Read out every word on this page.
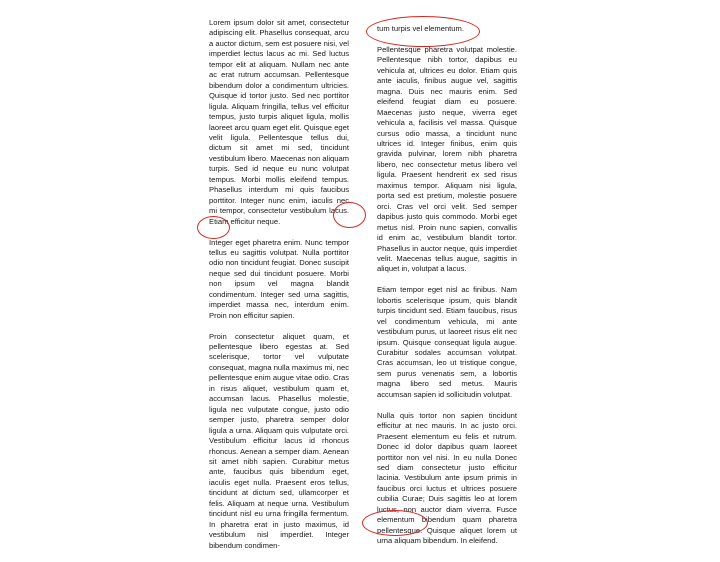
Lorem ipsum dolor sit amet, consectetur adipiscing elit. Phasellus consequat, arcu a auctor dictum, sem est posuere nisi, vel imperdiet lectus lacus ac mi. Sed luctus tempor elit at aliquam. Nullam nec ante ac erat rutrum accumsan. Pellentesque bibendum dolor a condimentum ultricies. Quisque id tortor justo. Sed nec porttitor ligula. Aliquam fringilla, tellus vel efficitur tempus, justo turpis aliquet ligula, mollis laoreet arcu quam eget elit. Quisque eget velit ligula. Pellentesque tellus dui, dictum sit amet mi sed, tincidunt vestibulum libero. Maecenas non aliquam turpis. Sed id neque eu nunc volutpat tempus. Morbi mollis eleifend tempus. Phasellus interdum mi quis faucibus porttitor. Integer nunc enim, iaculis nec mi tempor, consectetur vestibulum lacus. Etiam efficitur neque.

Integer eget pharetra enim. Nunc tempor tellus eu sagittis volutpat. Nulla porttitor odio non tincidunt feugiat. Donec suscipit neque sed dui tincidunt posuere. Morbi non ipsum vel magna blandit condimentum. Integer sed urna sagittis, imperdiet massa nec, interdum enim. Proin non efficitur sapien.

Proin consectetur aliquet quam, et pellentesque libero egestas at. Sed scelerisque, tortor vel vulputate consequat, magna nulla maximus mi, nec pellentesque enim augue vitae odio. Cras in risus aliquet, vestibulum quam et, accumsan lacus. Phasellus molestie, ligula nec vulputate congue, justo odio semper justo, pharetra semper dolor ligula a urna. Aliquam quis vulputate orci. Vestibulum efficitur lacus id rhoncus rhoncus. Aenean a semper diam. Aenean sit amet nibh sapien. Curabitur metus ante, faucibus quis bibendum eget, iaculis eget nulla. Praesent eros tellus, tincidunt at dictum sed, ullamcorper et felis. Aliquam at neque urna. Vestibulum tincidunt nisl eu urna fringilla fermentum. In pharetra erat in justo maximus, id vestibulum nisl imperdiet. Integer bibendum condimen-

tum turpis vel elementum.

Pellentesque pharetra volutpat molestie. Pellentesque nibh tortor, dapibus eu vehicula at, ultrices eu dolor. Etiam quis ante iaculis, finibus augue vel, sagittis magna. Duis nec mauris enim. Sed eleifend feugiat diam eu posuere. Maecenas justo neque, viverra eget vehicula a, facilisis vel massa. Quisque cursus odio massa, a tincidunt nunc ultrices id. Integer finibus, enim quis gravida pulvinar, lorem nibh pharetra libero, nec consectetur metus libero vel ligula. Praesent hendrerit ex sed risus maximus tempor. Aliquam nisi ligula, porta sed est pretium, molestie posuere orci. Cras vel orci velit. Sed semper dapibus justo quis commodo. Morbi eget metus nisl. Proin nunc sapien, convallis id enim ac, vestibulum blandit tortor. Phasellus in auctor neque, quis imperdiet velit. Maecenas tellus augue, sagittis in aliquet in, volutpat a lacus.

Etiam tempor eget nisl ac finibus. Nam lobortis scelerisque ipsum, quis blandit turpis tincidunt sed. Etiam faucibus, risus vel condimentum vehicula, mi ante vestibulum purus, ut laoreet risus elit nec ipsum. Quisque consequat ligula augue. Curabitur sodales accumsan volutpat. Cras accumsan, leo ut tristique congue, sem purus venenatis sem, a lobortis magna libero sed metus. Mauris accumsan sapien id sollicitudin volutpat.

Nulla quis tortor non sapien tincidunt efficitur at nec mauris. In ac justo orci. Praesent elementum eu felis et rutrum. Donec id dolor dapibus quam laoreet porttitor non vel nisi. In eu nulla Donec sed diam consectetur justo efficitur lacinia. Vestibulum ante ipsum primis in faucibus orci luctus et ultrices posuere cubilia Curae; Duis sagittis leo at lorem luctus, non auctor diam viverra. Fusce elementum bibendum quam pharetra pellentesque. Quisque aliquet lorem ut urna aliquam bibendum. In eleifend.
